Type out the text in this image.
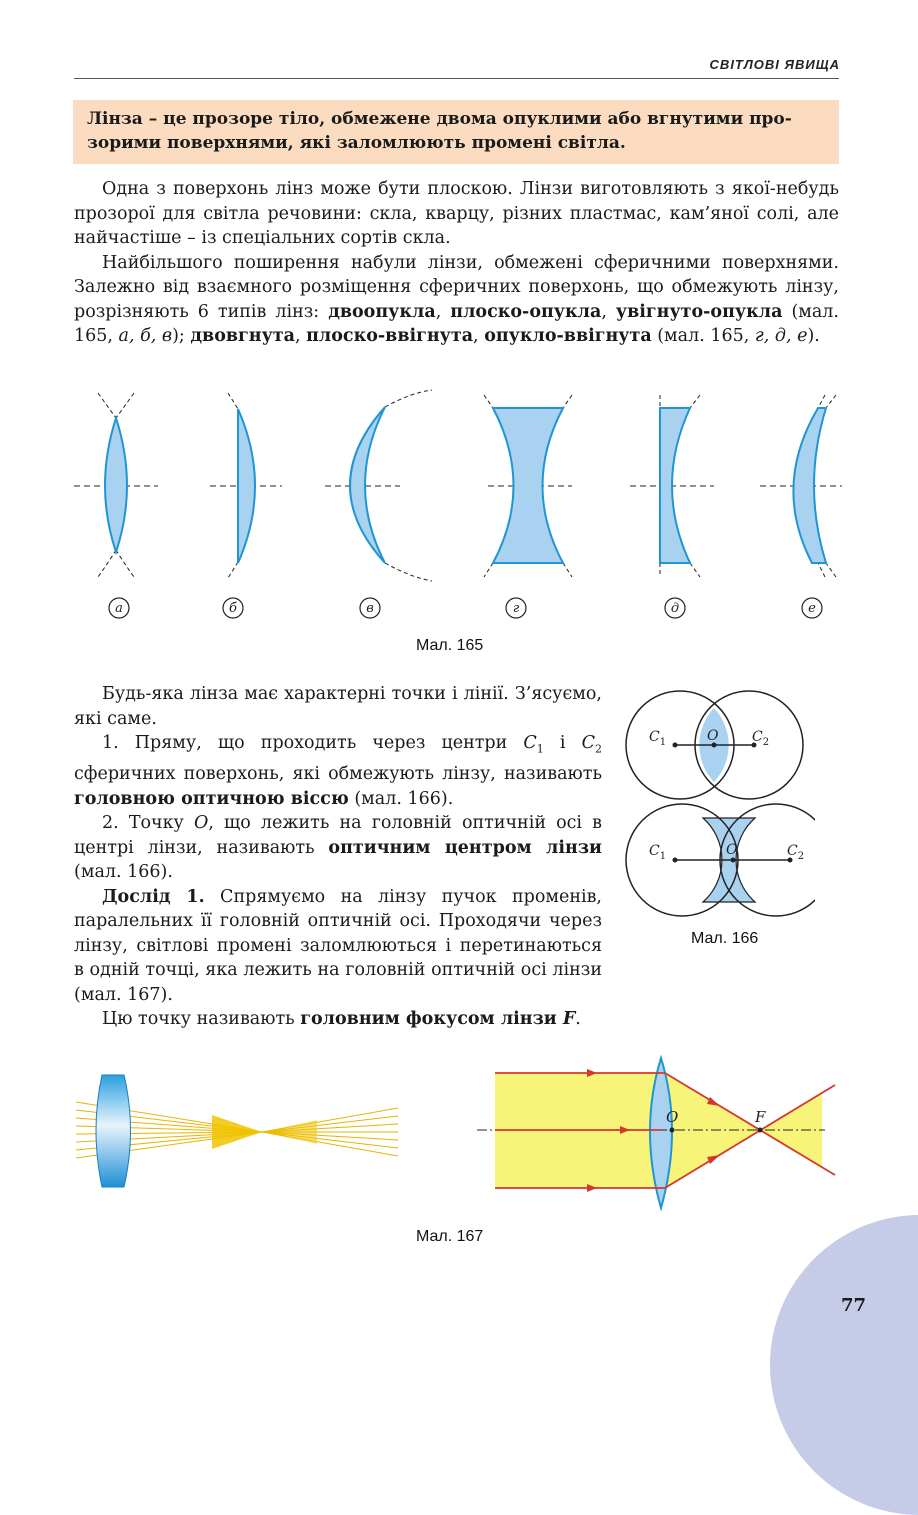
СВІТЛОВІ ЯВИЩА
Лінза – це прозоре тіло, обмежене двома опуклими або вгнутими про-
зорими поверхнями, які заломлюють промені світла.

Одна з поверхонь лінз може бути плоскою. Лінзи виготовляють з якої-небудь прозорої для світла речовини: скла, кварцу, різних пластмас, кам’яної солі, але найчастіше – із спеціальних сортів скла.

Найбільшого поширення набули лінзи, обмежені сферичними поверхнями. Залежно від взаємного розміщення сферичних поверхонь, що обмежують лінзу, розрізняють 6 типів лінз: двоопукла, плоско-опукла, увігнуто-опукла (мал. 165, а, б, в); двовгнута, плоско-ввігнута, опукло-ввігнута (мал. 165, г, д, е).

а	б	в	г	д	е
Мал. 165

Будь-яка лінза має характерні точки і лінії. З’ясуємо, які саме.

1. Пряму, що проходить через центри $C_1$ і $C_2$ сферичних поверхонь, які обмежують лінзу, називають головною оптичною віссю (мал. 166).

2. Точку O, що лежить на головній оптичній осі в центрі лінзи, називають оптичним центром лінзи (мал. 166).

Дослід 1. Спрямуємо на лінзу пучок променів, паралельних її головній оптичній осі. Проходячи через лінзу, світлові промені заломлюються і перетинаються в одній точці, яка лежить на головній оптичній осі лінзи (мал. 167).

Цю точку називають головним фокусом лінзи F.

$C_1$	O $C_2$
$C_1$	O	$C_2$
Мал. 166
O	F
Мал. 167
77
